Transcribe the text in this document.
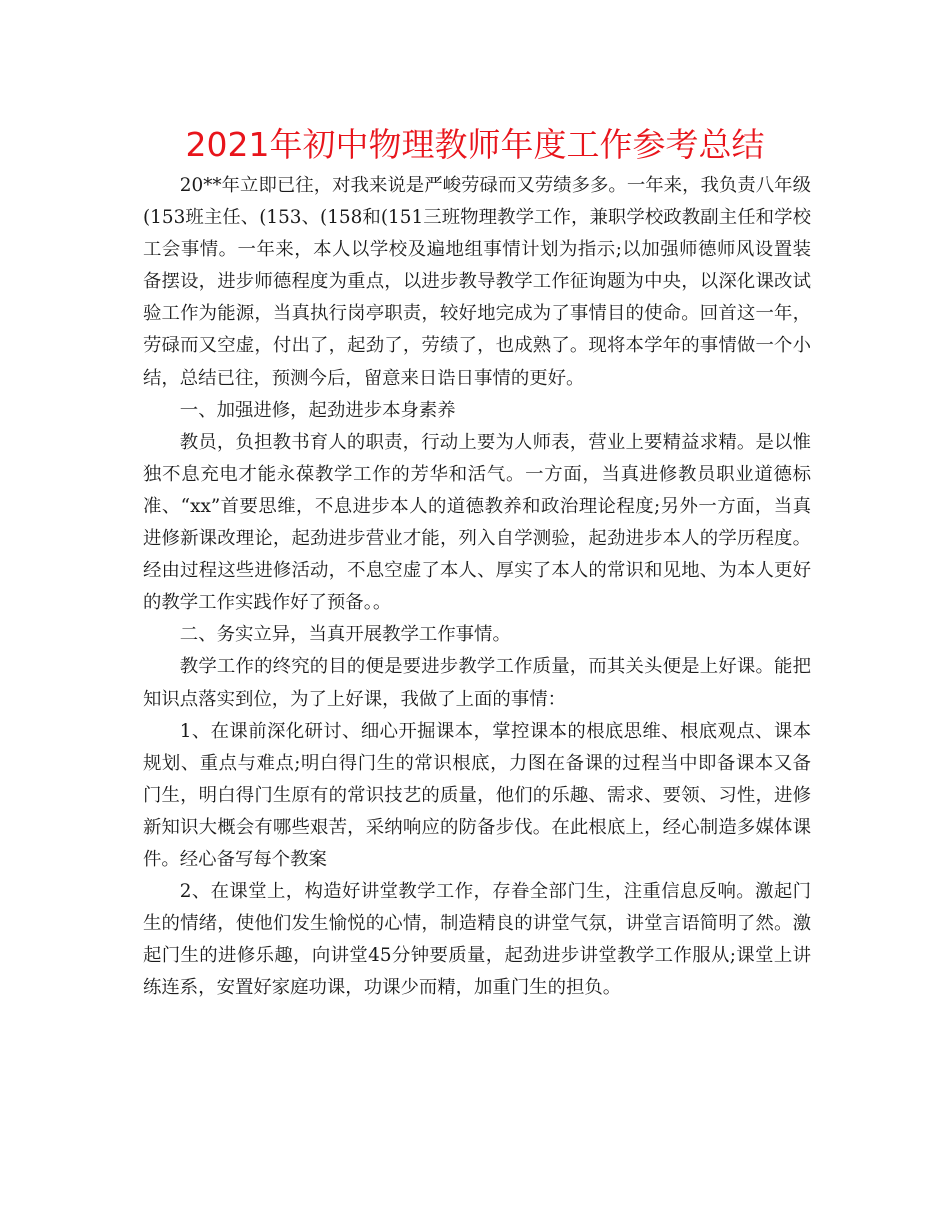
2021年初中物理教师年度工作参考总结

20**年立即已往，对我来说是严峻劳碌而又劳绩多多。一年来，我负责八年级(153班主任、(153、(158和(151三班物理教学工作，兼职学校政教副主任和学校工会事情。一年来，本人以学校及遍地组事情计划为指示;以加强师德师风设置装备摆设，进步师德程度为重点，以进步教导教学工作征询题为中央，以深化课改试验工作为能源，当真执行岗亭职责，较好地完成为了事情目的使命。回首这一年，劳碌而又空虚，付出了，起劲了，劳绩了，也成熟了。现将本学年的事情做一个小结，总结已往，预测今后，留意来日诰日事情的更好。

一、加强进修，起劲进步本身素养

教员，负担教书育人的职责，行动上要为人师表，营业上要精益求精。是以惟独不息充电才能永葆教学工作的芳华和活气。一方面，当真进修教员职业道德标准、“xx”首要思维，不息进步本人的道德教养和政治理论程度;另外一方面，当真进修新课改理论，起劲进步营业才能，列入自学测验，起劲进步本人的学历程度。经由过程这些进修活动，不息空虚了本人、厚实了本人的常识和见地、为本人更好的教学工作实践作好了预备。。

二、务实立异，当真开展教学工作事情。

教学工作的终究的目的便是要进步教学工作质量，而其关头便是上好课。能把知识点落实到位，为了上好课，我做了上面的事情：

1、在课前深化研讨、细心开掘课本，掌控课本的根底思维、根底观点、课本规划、重点与难点;明白得门生的常识根底，力图在备课的过程当中即备课本又备门生，明白得门生原有的常识技艺的质量，他们的乐趣、需求、要领、习性，进修新知识大概会有哪些艰苦，采纳响应的防备步伐。在此根底上，经心制造多媒体课件。经心备写每个教案

2、在课堂上，构造好讲堂教学工作，存眷全部门生，注重信息反响。激起门生的情绪，使他们发生愉悦的心情，制造精良的讲堂气氛，讲堂言语简明了然。激起门生的进修乐趣，向讲堂45分钟要质量，起劲进步讲堂教学工作服从;课堂上讲练连系，安置好家庭功课，功课少而精，加重门生的担负。
